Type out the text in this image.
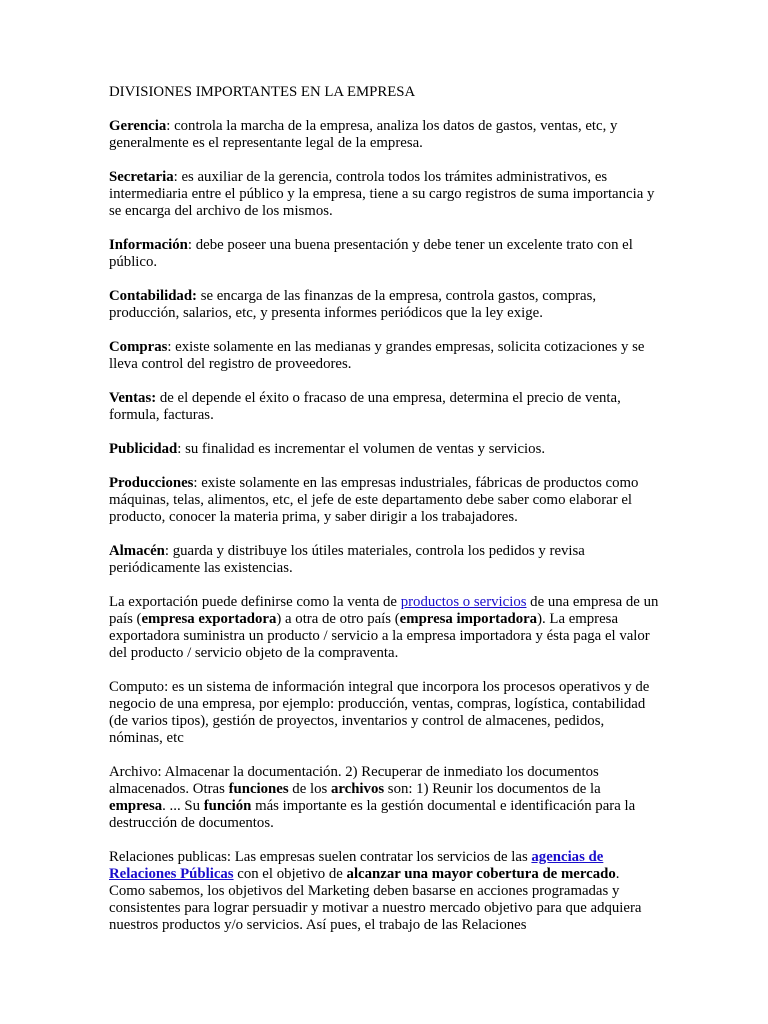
DIVISIONES IMPORTANTES EN LA EMPRESA

Gerencia: controla la marcha de la empresa, analiza los datos de gastos, ventas, etc, y generalmente es el representante legal de la empresa.

Secretaria: es auxiliar de la gerencia, controla todos los trámites administrativos, es intermediaria entre el público y la empresa, tiene a su cargo registros de suma importancia y se encarga del archivo de los mismos.

Información: debe poseer una buena presentación y debe tener un excelente trato con el público.

Contabilidad: se encarga de las finanzas de la empresa, controla gastos, compras, producción, salarios, etc, y presenta informes periódicos que la ley exige.

Compras: existe solamente en las medianas y grandes empresas, solicita cotizaciones y se lleva control del registro de proveedores.

Ventas: de el depende el éxito o fracaso de una empresa, determina el precio de venta, formula, facturas.

Publicidad: su finalidad es incrementar el volumen de ventas y servicios.

Producciones: existe solamente en las empresas industriales, fábricas de productos como máquinas, telas, alimentos, etc, el jefe de este departamento debe saber como elaborar el producto, conocer la materia prima, y saber dirigir a los trabajadores.

Almacén: guarda y distribuye los útiles materiales, controla los pedidos y revisa periódicamente las existencias.

La exportación puede definirse como la venta de productos o servicios de una empresa de un país (empresa exportadora) a otra de otro país (empresa importadora). La empresa exportadora suministra un producto / servicio a la empresa importadora y ésta paga el valor del producto / servicio objeto de la compraventa.

Computo: es un sistema de información integral que incorpora los procesos operativos y de negocio de una empresa, por ejemplo: producción, ventas, compras, logística, contabilidad (de varios tipos), gestión de proyectos, inventarios y control de almacenes, pedidos, nóminas, etc

Archivo: Almacenar la documentación. 2) Recuperar de inmediato los documentos almacenados. Otras funciones de los archivos son: 1) Reunir los documentos de la empresa. ... Su función más importante es la gestión documental e identificación para la destrucción de documentos.

Relaciones publicas: Las empresas suelen contratar los servicios de las agencias de Relaciones Públicas con el objetivo de alcanzar una mayor cobertura de mercado. Como sabemos, los objetivos del Marketing deben basarse en acciones programadas y consistentes para lograr persuadir y motivar a nuestro mercado objetivo para que adquiera nuestros productos y/o servicios. Así pues, el trabajo de las Relaciones
